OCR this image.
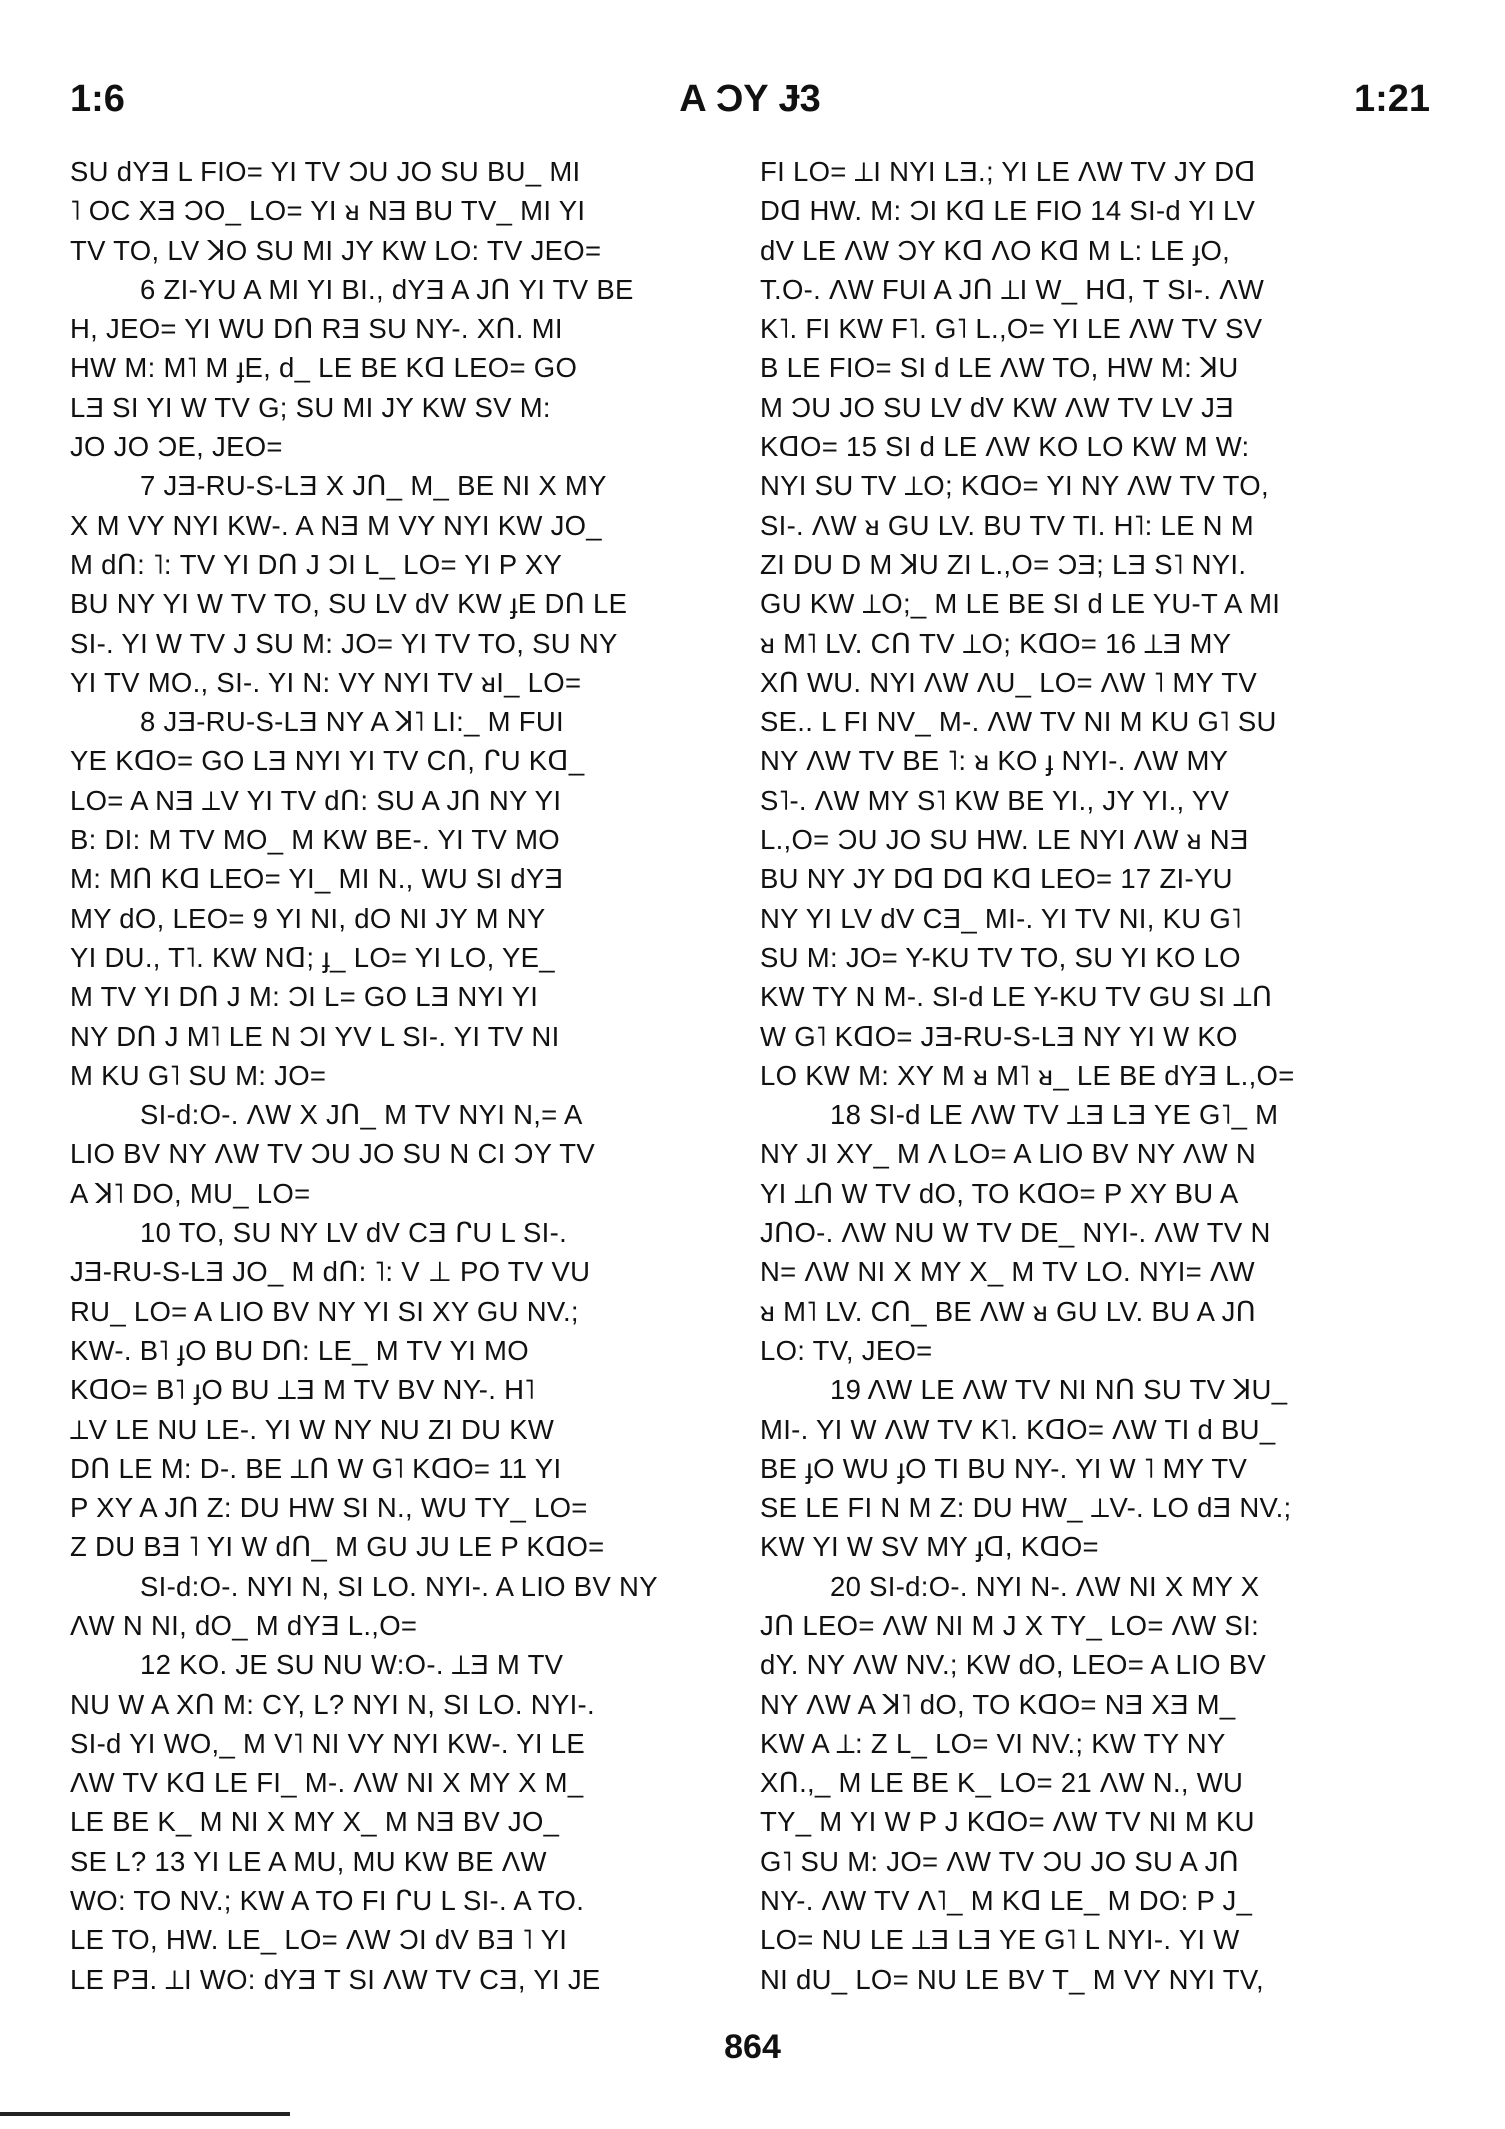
1:6	A ƆY Ɉ3	1:21
SU dYƎ L FIO= YI TV ƆU JO SU BU_ MI
˥ OC XƎ ƆO_ LO= YI ᴚ NƎ BU TV_ MI YI
TV TO, LV ꓘO SU MI JY KW LO: TV JEO=
6 ZI-YU A MI YI BI., dYƎ A JՈ YI TV BE
H, JEO= YI WU DՈ RƎ SU NY-. XՈ. MI
HW M: M˥ M ɟE, d_ LE BE Kᗡ LEO= GO
LƎ SI YI W TV G; SU MI JY KW SV M:
JO JO ƆE, JEO=
7 JƎ-RU-S-LƎ X JՈ_ M_ BE NI X MY
X M VY NYI KW-. A NƎ M VY NYI KW JO_
M dՈ: ˥: TV YI DՈ J ƆI L_ LO= YI P XY
BU NY YI W TV TO, SU LV dV KW ɟE DՈ LE
SI-. YI W TV J SU M: JO= YI TV TO, SU NY
YI TV MO., SI-. YI N: VY NYI TV ᴚI_ LO=
8 JƎ-RU-S-LƎ NY A ꓘ˥ LI:_ M FUI
YE KᗡO= GO LƎ NYI YI TV CՈ, ᒋU Kᗡ_
LO= A NƎ ⟂V YI TV dՈ: SU A JՈ NY YI
B: DI: M TV MO_ M KW BE-. YI TV MO
M: MՈ Kᗡ LEO= YI_ MI N., WU SI dYƎ
MY dO, LEO= 9 YI NI, dO NI JY M NY
YI DU., T˥. KW Nᗡ; ɟ_ LO= YI LO, YE_
M TV YI DՈ J M: ƆI L= GO LƎ NYI YI
NY DՈ J M˥ LE N ƆI YV L SI-. YI TV NI
M KU G˥ SU M: JO=
SI-d:O-. ΛW X JՈ_ M TV NYI N,= A
LIO BV NY ΛW TV ƆU JO SU N CI ƆY TV
A ꓘ˥ DO, MU_ LO=
10 TO, SU NY LV dV CƎ ᒋU L SI-.
JƎ-RU-S-LƎ JO_ M dՈ: ˥: V ⊥ PO TV VU
RU_ LO= A LIO BV NY YI SI XY GU NV.;
KW-. B˥ ɟO BU DՈ: LE_ M TV YI MO
KᗡO= B˥ ɟO BU ⟂Ǝ M TV BV NY-. H˥
⟂V LE NU LE-. YI W NY NU ZI DU KW
DՈ LE M: D-. BE ⟂Ո W G˥ KᗡO= 11 YI
P XY A JՈ Z: DU HW SI N., WU TY_ LO=
Z DU BƎ ˥ YI W dՈ_ M GU JU LE P KᗡO=
SI-d:O-. NYI N, SI LO. NYI-. A LIO BV NY
ΛW N NI, dO_ M dYƎ L.,O=
12 KO. JE SU NU W:O-. ⟂Ǝ M TV
NU W A XՈ M: CY, L? NYI N, SI LO. NYI-.
SI-d YI WO,_ M V˥ NI VY NYI KW-. YI LE
ΛW TV Kᗡ LE FI_ M-. ΛW NI X MY X M_
LE BE K_ M NI X MY X_ M NƎ BV JO_
SE L? 13 YI LE A MU, MU KW BE ΛW
WO: TO NV.; KW A TO FI ᒋU L SI-. A TO.
LE TO, HW. LE_ LO= ΛW ƆI dV BƎ ˥ YI
LE PƎ. ⟂I WO: dYƎ T SI ΛW TV CƎ, YI JE
FI LO= ⟂I NYI LƎ.; YI LE ΛW TV JY Dᗡ
Dᗡ HW. M: ƆI Kᗡ LE FIO 14 SI-d YI LV
dV LE ΛW ƆY Kᗡ ΛO Kᗡ M L: LE ɟO,
T.O-. ΛW FUI A JՈ ⟂I W_ Hᗡ, T SI-. ΛW
K˥. FI KW F˥. G˥ L.,O= YI LE ΛW TV SV
B LE FIO= SI d LE ΛW TO, HW M: ꓘU
M ƆU JO SU LV dV KW ΛW TV LV JƎ
KᗡO= 15 SI d LE ΛW KO LO KW M W:
NYI SU TV ⟂O; KᗡO= YI NY ΛW TV TO,
SI-. ΛW ᴚ GU LV. BU TV TI. H˥: LE N M
ZI DU D M ꓘU ZI L.,O= ƆƎ; LƎ S˥ NYI.
GU KW ⟂O;_ M LE BE SI d LE YU-T A MI
ᴚ M˥ LV. CՈ TV ⟂O; KᗡO= 16 ⟂Ǝ MY
XՈ WU. NYI ΛW ΛU_ LO= ΛW ˥ MY TV
SE.. L FI NV_ M-. ΛW TV NI M KU G˥ SU
NY ΛW TV BE ˥: ᴚ KO ɟ NYI-. ΛW MY
S˥-. ΛW MY S˥ KW BE YI., JY YI., YV
L.,O= ƆU JO SU HW. LE NYI ΛW ᴚ NƎ
BU NY JY Dᗡ Dᗡ Kᗡ LEO= 17 ZI-YU
NY YI LV dV CƎ_ MI-. YI TV NI, KU G˥
SU M: JO= Y-KU TV TO, SU YI KO LO
KW TY N M-. SI-d LE Y-KU TV GU SI ⟂Ո
W G˥ KᗡO= JƎ-RU-S-LƎ NY YI W KO
LO KW M: XY M ᴚ M˥ ᴚ_ LE BE dYƎ L.,O=
18 SI-d LE ΛW TV ⟂Ǝ LƎ YE G˥_ M
NY JI XY_ M Λ LO= A LIO BV NY ΛW N
YI ⟂Ո W TV dO, TO KᗡO= P XY BU A
JՈO-. ΛW NU W TV DE_ NYI-. ΛW TV N
N= ΛW NI X MY X_ M TV LO. NYI= ΛW
ᴚ M˥ LV. CՈ_ BE ΛW ᴚ GU LV. BU A JՈ
LO: TV, JEO=
19 ΛW LE ΛW TV NI NՈ SU TV ꓘU_
MI-. YI W ΛW TV K˥. KᗡO= ΛW TI d BU_
BE ɟO WU ɟO TI BU NY-. YI W ˥ MY TV
SE LE FI N M Z: DU HW_ ⟂V-. LO dƎ NV.;
KW YI W SV MY ɟᗡ, KᗡO=
20 SI-d:O-. NYI N-. ΛW NI X MY X
JՈ LEO= ΛW NI M J X TY_ LO= ΛW SI:
dY. NY ΛW NV.; KW dO, LEO= A LIO BV
NY ΛW A ꓘ˥ dO, TO KᗡO= NƎ XƎ M_
KW A ⟂: Z L_ LO= VI NV.; KW TY NY
XՈ.,_ M LE BE K_ LO= 21 ΛW N., WU
TY_ M YI W P J KᗡO= ΛW TV NI M KU
G˥ SU M: JO= ΛW TV ƆU JO SU A JՈ
NY-. ΛW TV Λ˥_ M Kᗡ LE_ M DO: P J_
LO= NU LE ⟂Ǝ LƎ YE G˥ L NYI-. YI W
NI dU_ LO= NU LE BV T_ M VY NYI TV,
864
